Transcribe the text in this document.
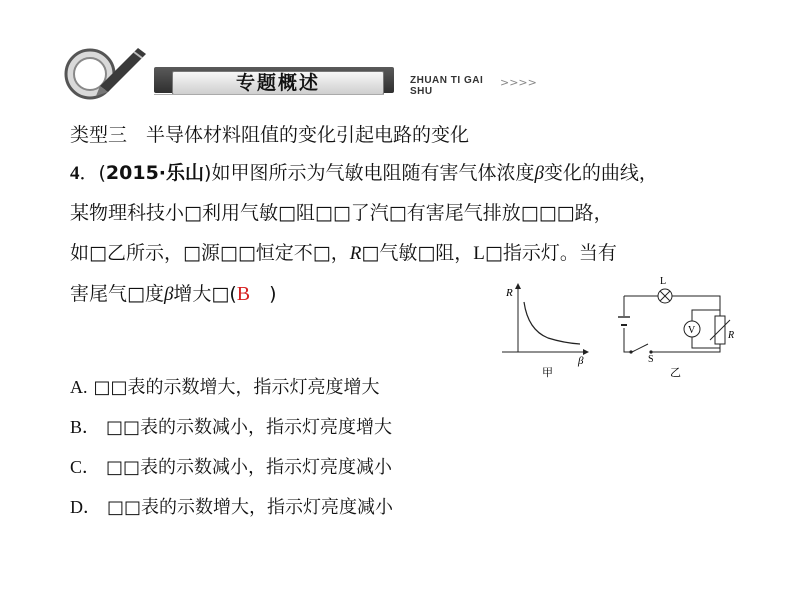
专题概述	ZHUAN TI GAI SHU
>>>>
类型三　半导体材料阻值的变化引起电路的变化
4．(2015·乐山)如甲图所示为气敏电阻随有害气体浓度β变化的曲线，
某物理科技小□利用气敏□阻□□了汽□有害尾气排放□□□路，
如□乙所示，□源□□恒定不□，R□气敏□阻，L□指示灯。当有
害尾气□度β增大□(B　)	R
β
甲
L
R
V
S
乙
A. □□表的示数增大，指示灯亮度增大
B． □□表的示数减小，指示灯亮度增大
C． □□表的示数减小，指示灯亮度减小
D． □□表的示数增大，指示灯亮度减小
